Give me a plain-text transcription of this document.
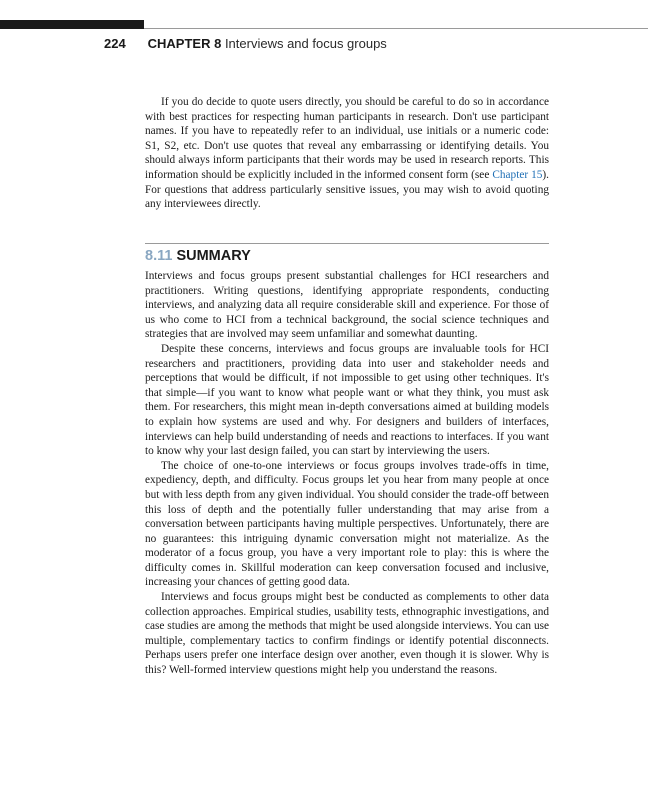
224 CHAPTER 8 Interviews and focus groups

If you do decide to quote users directly, you should be careful to do so in accordance with best practices for respecting human participants in research. Don't use participant names. If you have to repeatedly refer to an individual, use initials or a numeric code: S1, S2, etc. Don't use quotes that reveal any embarrassing or identifying details. You should always inform participants that their words may be used in research reports. This information should be explicitly included in the informed consent form (see Chapter 15). For questions that address particularly sensitive issues, you may wish to avoid quoting any interviewees directly.

8.11 SUMMARY

Interviews and focus groups present substantial challenges for HCI researchers and practitioners. Writing questions, identifying appropriate respondents, conducting interviews, and analyzing data all require considerable skill and experience. For those of us who come to HCI from a technical background, the social science techniques and strategies that are involved may seem unfamiliar and somewhat daunting.

Despite these concerns, interviews and focus groups are invaluable tools for HCI researchers and practitioners, providing data into user and stakeholder needs and perceptions that would be difficult, if not impossible to get using other techniques. It's that simple—if you want to know what people want or what they think, you must ask them. For researchers, this might mean in-depth conversations aimed at building models to explain how systems are used and why. For designers and builders of interfaces, interviews can help build understanding of needs and reactions to interfaces. If you want to know why your last design failed, you can start by interviewing the users.

The choice of one-to-one interviews or focus groups involves trade-offs in time, expediency, depth, and difficulty. Focus groups let you hear from many people at once but with less depth from any given individual. You should consider the trade-off between this loss of depth and the potentially fuller understanding that may arise from a conversation between participants having multiple perspectives. Unfortunately, there are no guarantees: this intriguing dynamic conversation might not materialize. As the moderator of a focus group, you have a very important role to play: this is where the difficulty comes in. Skillful moderation can keep conversation focused and inclusive, increasing your chances of getting good data.

Interviews and focus groups might best be conducted as complements to other data collection approaches. Empirical studies, usability tests, ethnographic investigations, and case studies are among the methods that might be used alongside interviews. You can use multiple, complementary tactics to confirm findings or identify potential disconnects. Perhaps users prefer one interface design over another, even though it is slower. Why is this? Well-formed interview questions might help you understand the reasons.
